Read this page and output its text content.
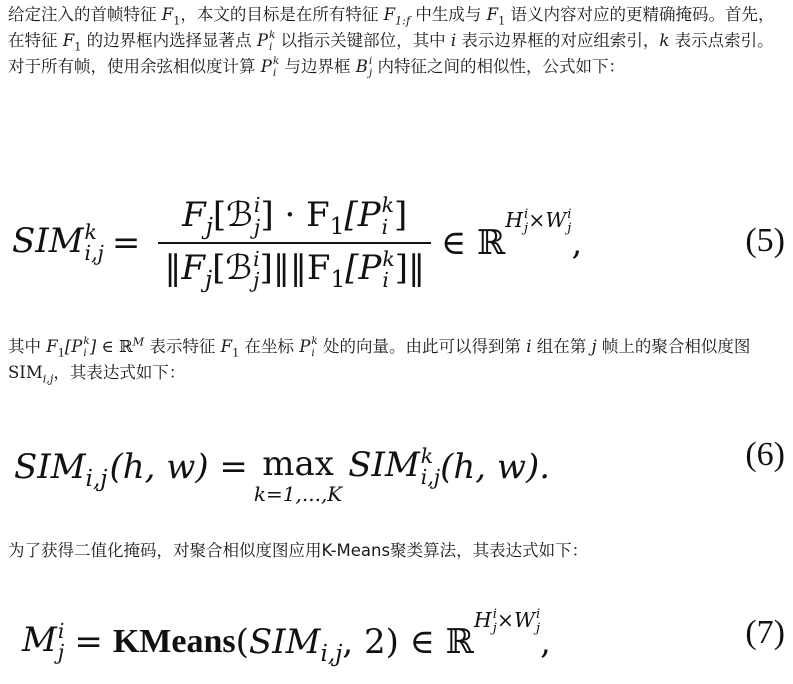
给定注入的首帧特征 $F_1$，本文的目标是在所有特征 $F_{1:f}$ 中生成与 $F_1$ 语义内容对应的更精确掩码。首先，在特征 $F_1$ 的边界框内选择显著点 P k
i 以指示关键部位，其中 i 表示边界框的对应组索引，k 表示点索引。对于所有帧，使用余弦相似度计算 P k
i 与边界框 B i
j 内特征之间的相似性，公式如下：

SIM k
$i,j = F_j[ℬ$ i
j ] · $F_1[P$ k
i ]
$‖F_j[ℬ$ i
j ]$‖‖F_1[P$ k
i ]‖ ∈ ℝ
H i
j ×W i
j ,	(5)

其中 $F_1[P$ k
i ] ∈ ℝ$^M$ 表示特征 $F_1$ 在坐标 P k
i 处的向量。由此可以得到第 i 组在第 j 帧上的聚合相似度图 $SIM_{i,j}$，其表达式如下：

$SIM_{i,j}$ (h, w) = max
k=1,...,K
SIM k
i,j (h, w).	(6)

为了获得二值化掩码，对聚合相似度图应用K-Means聚类算法，其表达式如下：

M i
j = KMeans ( $SIM_{i,j}$ , 2) ∈ ℝ
H i
j ×W i
j ,	(7)
